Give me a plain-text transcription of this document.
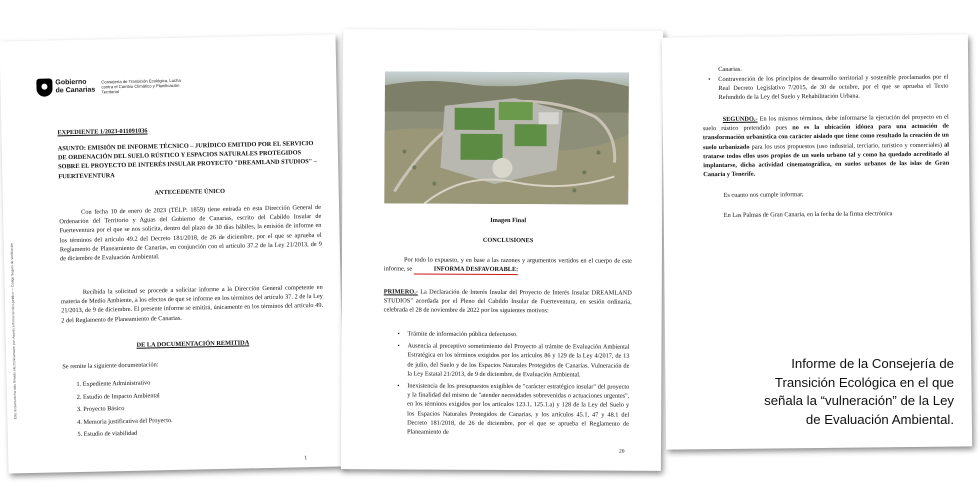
Gobierno
de Canarias
Consejería de Transición Ecológica, Lucha contra el Cambio Climático y Planificación Territorial
Este documento ha sido firmado electrónicamente por: Asunto: Informe técnico-jurídico — Código Seguro de Verificación
EXPEDIENTE 1/2023-011091036
ASUNTO: EMISIÓN DE INFORME TÉCNICO – JURÍDICO EMITIDO POR EL SERVICIO DE ORDENACIÓN DEL SUELO RÚSTICO Y ESPACIOS NATURALES PROTEGIDOS SOBRE EL PROYECTO DE INTERÉS INSULAR PROYECTO "DREAMLAND STUDIOS" – FUERTEVENTURA
ANTECEDENTE ÚNICO
Con fecha 10 de enero de 2023 (TELP: 1859) tiene entrada en esta Dirección General de Ordenación del Territorio y Aguas del Gobierno de Canarias, escrito del Cabildo Insular de Fuerteventura por el que se nos solicita, dentro del plazo de 30 días hábiles, la emisión de informe en los términos del artículo 49.2 del Decreto 181/2018, de 26 de diciembre, por el que se aprueba el Reglamento de Planeamiento de Canarias, en conjunción con el artículo 37.2 de la Ley 21/2013, de 9 de diciembre de Evaluación Ambiental.
Recibida la solicitud se procede a solicitar informe a la Dirección General competente en materia de Medio Ambiente, a los efectos de que se informe en los términos del artículo 37. 2 de la Ley 21/2013, de 9 de diciembre. El presente informe se emitirá, únicamente en los términos del artículo 49. 2 del Reglamento de Planeamiento de Canarias.
DE LA DOCUMENTACIÓN REMITIDA
Se remite la siguiente documentación:
1. Expediente Administrativo
2. Estudio de Impacto Ambiental
3. Proyecto Básico
4. Memoria justificativa del Proyecto.
5. Estudio de viabilidad
1
Imagen Final
CONCLUSIONES
Por todo lo expuesto, y en base a las razones y argumentos vertidos en el cuerpo de este informe, se	INFORMA DESFAVORABLE:
PRIMERO.- La Declaración de Interés Insular del Proyecto de Interés Insular DREAMLAND STUDIOS" acordada por el Pleno del Cabildo Insular de Fuerteventura, en sesión ordinaria, celebrada el 28 de noviembre de 2022 por los siguientes motivos:
• Trámite de información pública defectuoso.
• Ausencia al preceptivo sometimiento del Proyecto al trámite de Evaluación Ambiental Estratégica en los términos exigidos por los artículos 86 y 129 de la Ley 4/2017, de 13 de julio, del Suelo y de los Espacios Naturales Protegidos de Canarias. Vulneración de la Ley Estatal 21/2013, de 9 de diciembre, de Evaluación Ambiental.
• Inexistencia de los presupuestos exigibles de "carácter estratégico insular" del proyecto y la finalidad del mismo de "atender necesidades sobrevenidas o actuaciones urgentes", en los términos exigidos por los artículos 123.1, 125.1.a) y 128 de la Ley del Suelo y los Espacios Naturales Protegidos de Canarias, y los artículos 45.1, 47 y 48.1 del Decreto 181/2018, de 26 de diciembre, por el que se aprueba el Reglamento de Planeamiento de
20
Canarias.
• Contravención de los principios de desarrollo territorial y sostenible proclamados por el Real Decreto Legislativo 7/2015, de 30 de octubre, por el que se aprueba el Texto Refundido de la Ley del Suelo y Rehabilitación Urbana.
SEGUNDO.- En los mismos términos, debe informarse la ejecución del proyecto en el suelo rústico pretendido pues no es la ubicación idónea para una actuación de transformación urbanística con carácter aislado que tiene como resultado la creación de un suelo urbanizado para los usos propuestos (uso industrial, terciario, turístico y comerciales) al tratarse todos ellos usos propios de un suelo urbano tal y como ha quedado acreditado al implantarse, dicha actividad cinematográfica, en suelos urbanos de las islas de Gran Canaria y Tenerife.
Es cuanto nos cumple informar,
En Las Palmas de Gran Canaria, en la fecha de la firma electrónica
Informe de la Consejería de Transición Ecológica en el que señala la “vulneración” de la Ley de Evaluación Ambiental.
